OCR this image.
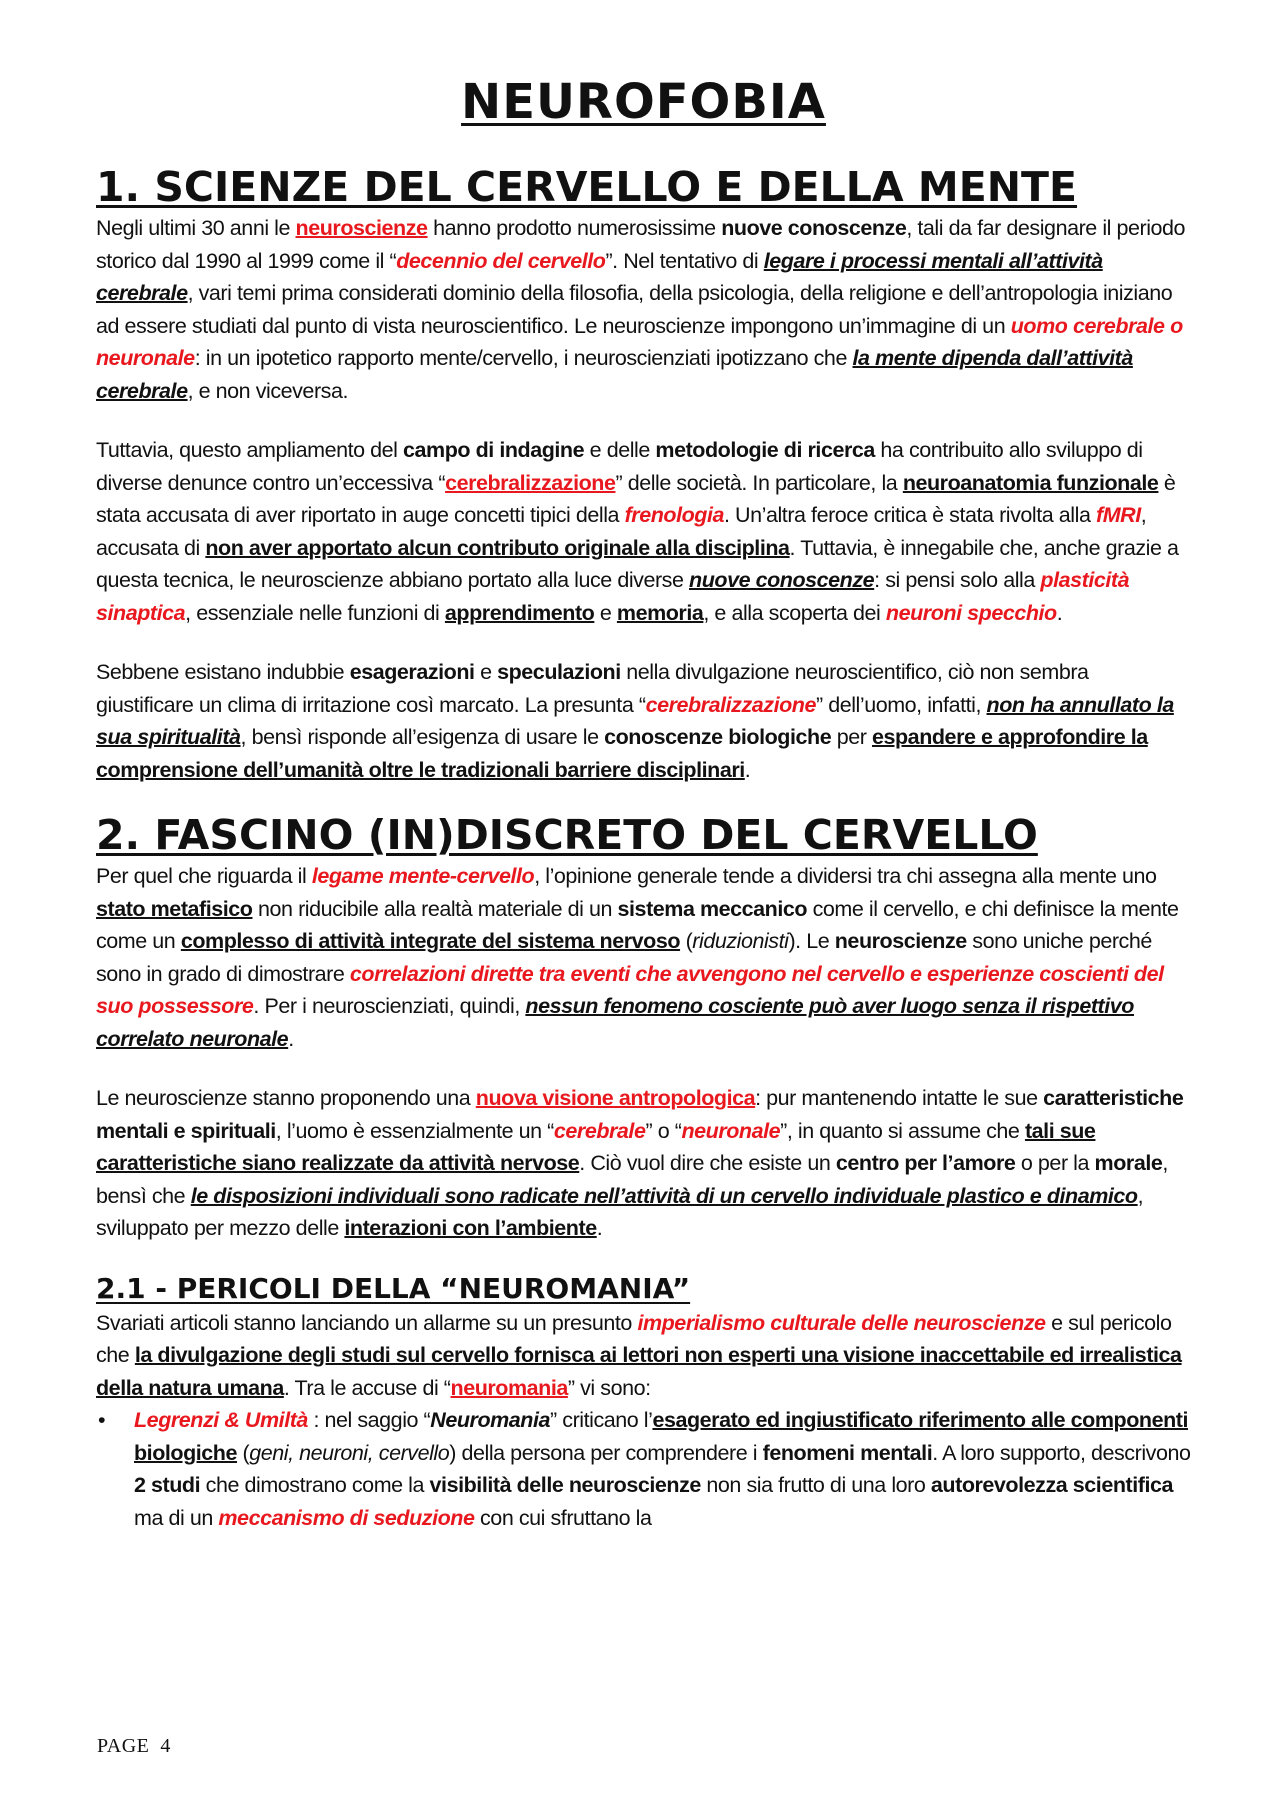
NEUROFOBIA
1. SCIENZE DEL CERVELLO E DELLA MENTE

Negli ultimi 30 anni le neuroscienze hanno prodotto numerosissime nuove conoscenze, tali da far designare il periodo storico dal 1990 al 1999 come il “decennio del cervello”. Nel tentativo di legare i processi mentali all’attività cerebrale, vari temi prima considerati dominio della filosofia, della psicologia, della religione e dell’antropologia iniziano ad essere studiati dal punto di vista neuroscientifico. Le neuroscienze impongono un’immagine di un uomo cerebrale o neuronale: in un ipotetico rapporto mente/cervello, i neuroscienziati ipotizzano che la mente dipenda dall’attività cerebrale, e non viceversa.

Tuttavia, questo ampliamento del campo di indagine e delle metodologie di ricerca ha contribuito allo sviluppo di diverse denunce contro un’eccessiva “cerebralizzazione” delle società. In particolare, la neuroanatomia funzionale è stata accusata di aver riportato in auge concetti tipici della frenologia. Un’altra feroce critica è stata rivolta alla fMRI, accusata di non aver apportato alcun contributo originale alla disciplina. Tuttavia, è innegabile che, anche grazie a questa tecnica, le neuroscienze abbiano portato alla luce diverse nuove conoscenze: si pensi solo alla plasticità sinaptica, essenziale nelle funzioni di apprendimento e memoria, e alla scoperta dei neuroni specchio.

Sebbene esistano indubbie esagerazioni e speculazioni nella divulgazione neuroscientifico, ciò non sembra giustificare un clima di irritazione così marcato. La presunta “cerebralizzazione” dell’uomo, infatti, non ha annullato la sua spiritualità, bensì risponde all’esigenza di usare le conoscenze biologiche per espandere e approfondire la comprensione dell’umanità oltre le tradizionali barriere disciplinari.

2. FASCINO (IN)DISCRETO DEL CERVELLO

Per quel che riguarda il legame mente-cervello, l’opinione generale tende a dividersi tra chi assegna alla mente uno stato metafisico non riducibile alla realtà materiale di un sistema meccanico come il cervello, e chi definisce la mente come un complesso di attività integrate del sistema nervoso (riduzionisti). Le neuroscienze sono uniche perché sono in grado di dimostrare correlazioni dirette tra eventi che avvengono nel cervello e esperienze coscienti del suo possessore. Per i neuroscienziati, quindi, nessun fenomeno cosciente può aver luogo senza il rispettivo correlato neuronale.

Le neuroscienze stanno proponendo una nuova visione antropologica: pur mantenendo intatte le sue caratteristiche mentali e spirituali, l’uomo è essenzialmente un “cerebrale” o “neuronale”, in quanto si assume che tali sue caratteristiche siano realizzate da attività nervose. Ciò vuol dire che esiste un centro per l’amore o per la morale, bensì che le disposizioni individuali sono radicate nell’attività di un cervello individuale plastico e dinamico, sviluppato per mezzo delle interazioni con l’ambiente.

2.1 - PERICOLI DELLA “NEUROMANIA”

Svariati articoli stanno lanciando un allarme su un presunto imperialismo culturale delle neuroscienze e sul pericolo che la divulgazione degli studi sul cervello fornisca ai lettori non esperti una visione inaccettabile ed irrealistica della natura umana. Tra le accuse di “neuromania” vi sono:

• Legrenzi & Umiltà : nel saggio “Neuromania” criticano l’esagerato ed ingiustificato riferimento alle componenti biologiche (geni, neuroni, cervello) della persona per comprendere i fenomeni mentali. A loro supporto, descrivono 2 studi che dimostrano come la visibilità delle neuroscienze non sia frutto di una loro autorevolezza scientifica ma di un meccanismo di seduzione con cui sfruttano la
PAGE 4
